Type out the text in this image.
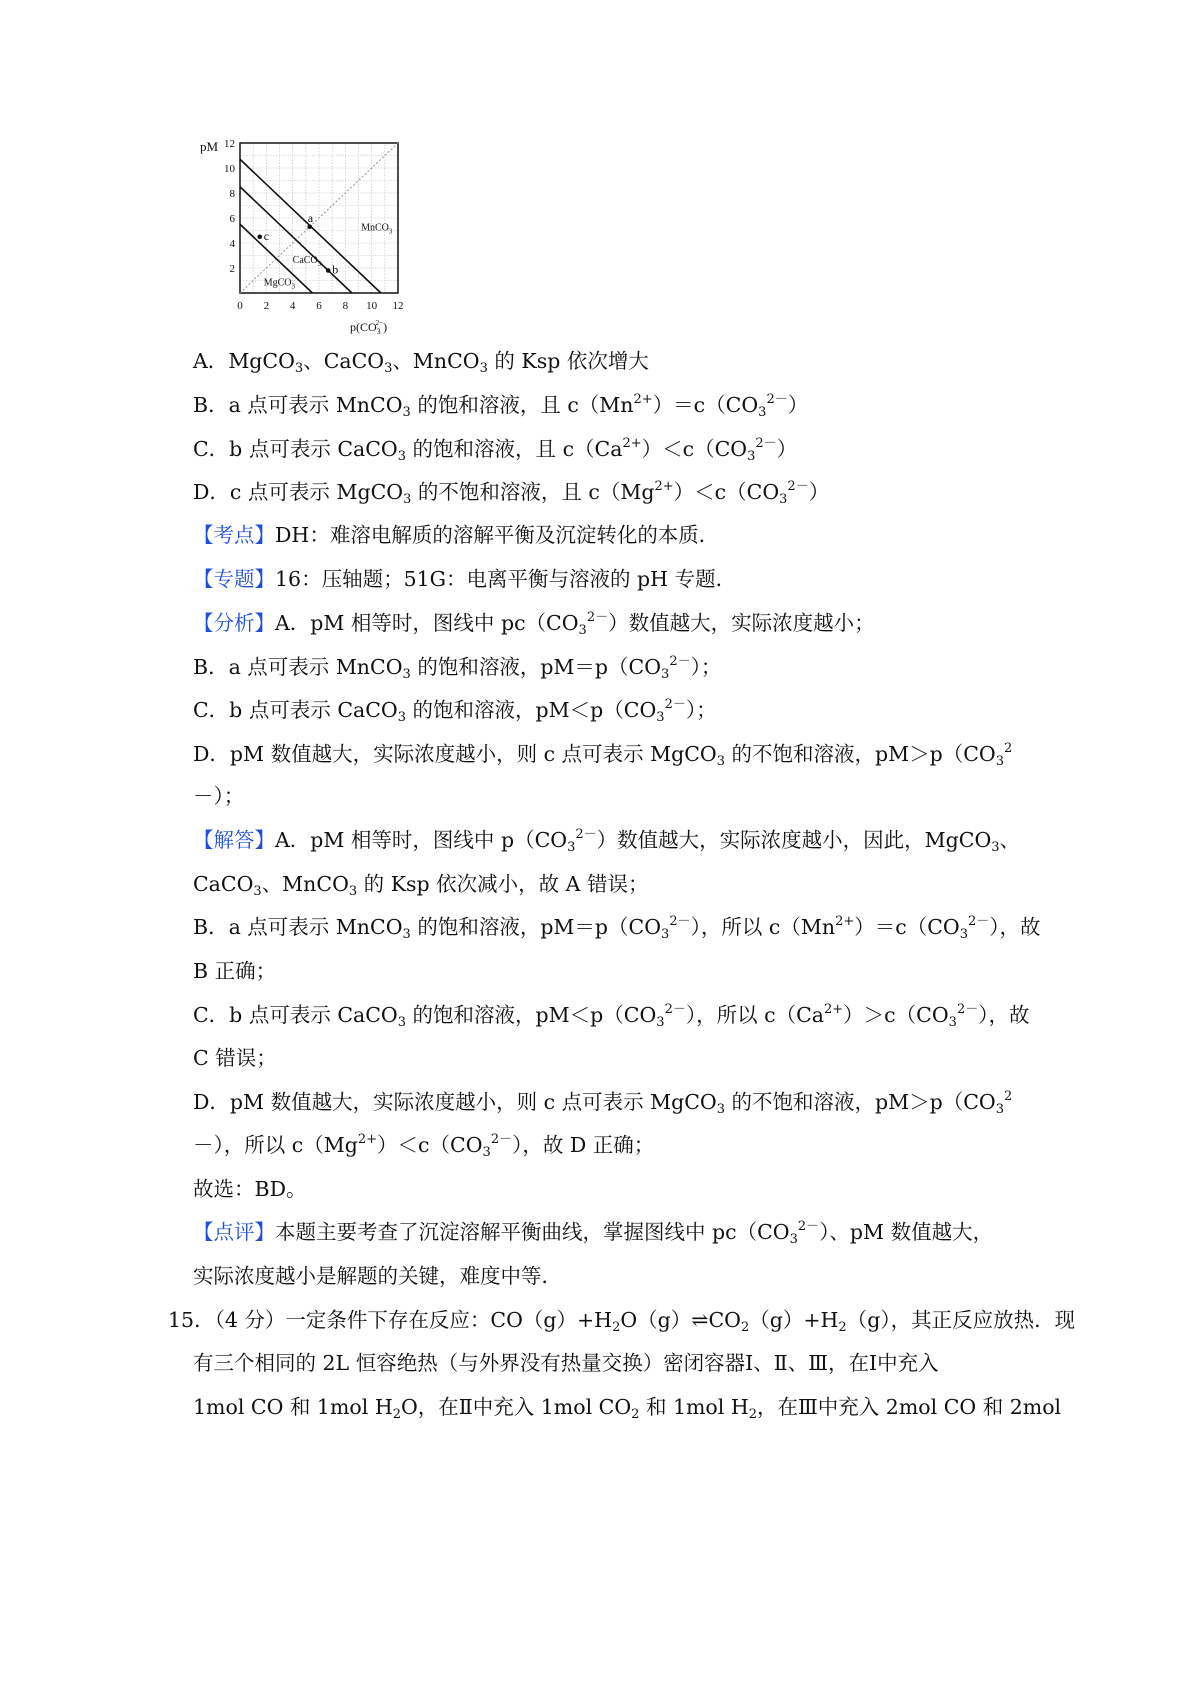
MnCO$_3$
CaCO$_3$
MgCO$_3$
a
b
c
0 2 4 6 8 10 12
2
4
6
8
10
12
pM
$p(CO_32-)$
A．MgCO$_3$、CaCO$_3$、MnCO$_3$ 的 Ksp 依次增大
B．a 点可表示 MnCO$_3$ 的饱和溶液，且 $c(Mn^{2+})=c(CO_3^{2-})$
C．b 点可表示 CaCO$_3$ 的饱和溶液，且 $c(Ca^{2+})<c(CO_3^{2-})$
D．c 点可表示 MgCO$_3$ 的不饱和溶液，且 $c(Mg^{2+})<c(CO_3^{2-})$
【考点】DH：难溶电解质的溶解平衡及沉淀转化的本质．
【专题】16：压轴题；51G：电离平衡与溶液的 pH 专题．
【分析】A．pM 相等时，图线中 $pc(CO_3^{2-})$数值越大，实际浓度越小；
B．a 点可表示 MnCO$_3$ 的饱和溶液，$pM=p(CO_3^{2-})$；
C．b 点可表示 CaCO$_3$ 的饱和溶液，$pM<p(CO_3^{2-})$；
D．pM 数值越大，实际浓度越小，则 c 点可表示 MgCO$_3$ 的不饱和溶液，$pM>p(CO_3^2$
－）；
【解答】A．pM 相等时，图线中 $p(CO_3^{2-})$数值越大，实际浓度越小，因此，MgCO$_3$、
CaCO$_3$、MnCO$_3$ 的 Ksp 依次减小，故 A 错误；
B．a 点可表示 MnCO$_3$ 的饱和溶液，$pM=p(CO_3^{2-})$，所以 $c(Mn^{2+})=c(CO_3^{2-})$，故
B 正确；
C．b 点可表示 CaCO$_3$ 的饱和溶液，$pM<p(CO_3^{2-})$，所以 $c(Ca^{2+})>c(CO_3^{2-})$，故
C 错误；
D．pM 数值越大，实际浓度越小，则 c 点可表示 MgCO$_3$ 的不饱和溶液，$pM>p(CO_3^2$
－），所以 $c(Mg^{2+})<c(CO_3^{2-})$，故 D 正确；
故选：BD。
【点评】本题主要考查了沉淀溶解平衡曲线，掌握图线中 $pc(CO_3^{2-})$、pM 数值越大，
实际浓度越小是解题的关键，难度中等．
15．（4 分）一定条件下存在反应：$CO(g)+H_2O(g)\rightleftharpoons CO_2(g)+H_2(g)$，其正反应放热．现
有三个相同的 2L 恒容绝热（与外界没有热量交换）密闭容器Ⅰ、Ⅱ、Ⅲ，在Ⅰ中充入
1mol CO 和 1mol $H_2O$，在Ⅱ中充入 1mol $CO_2$ 和 1mol $H_2$，在Ⅲ中充入 2mol CO 和 2mol
